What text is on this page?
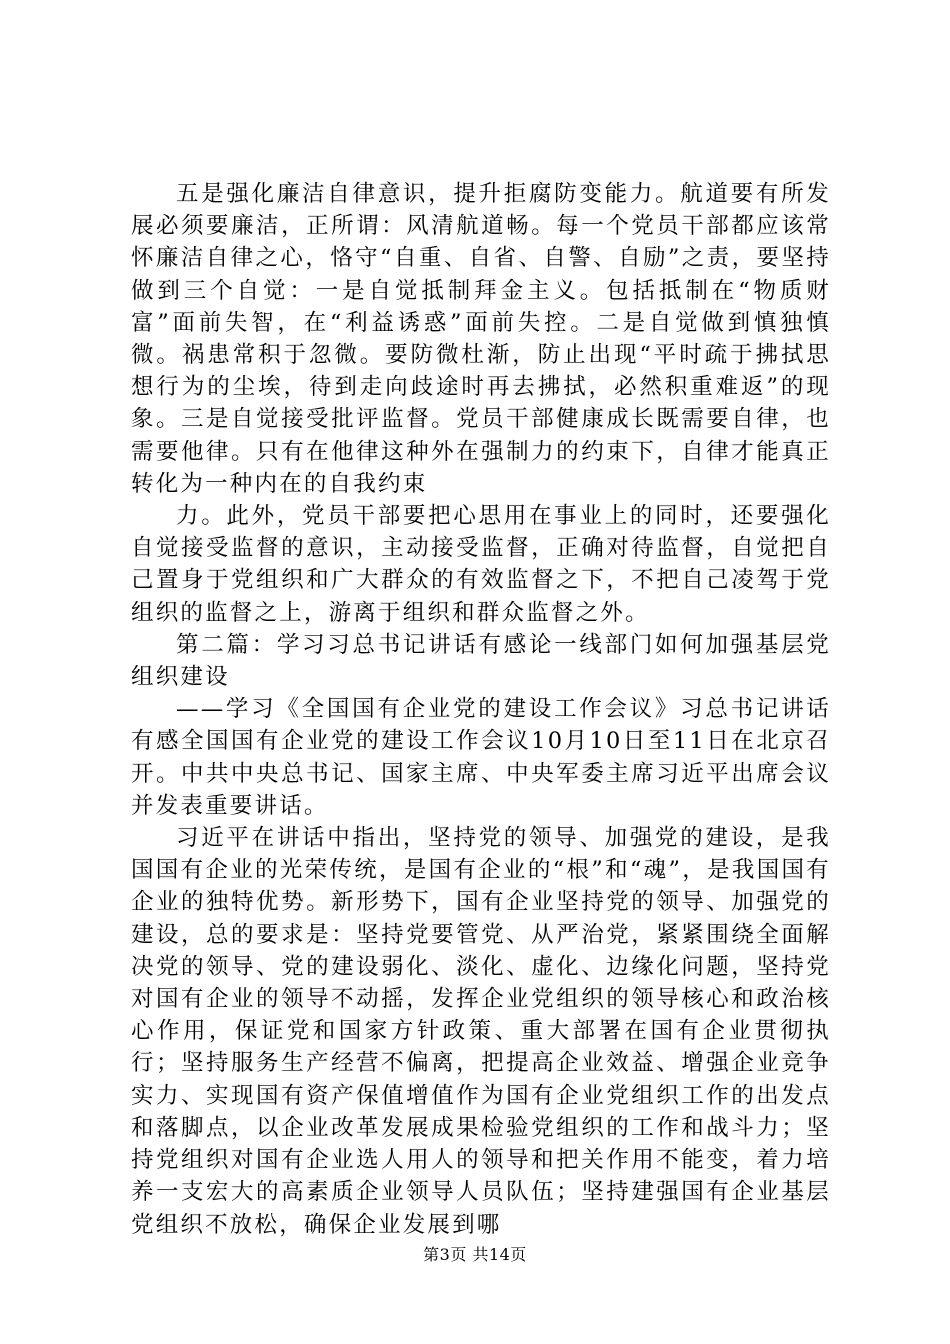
五是强化廉洁自律意识，提升拒腐防变能力。航道要有所发展必须要廉洁，正所谓：风清航道畅。每一个党员干部都应该常怀廉洁自律之心，恪守“自重、自省、自警、自励”之责，要坚持做到三个自觉：一是自觉抵制拜金主义。包括抵制在“物质财富”面前失智，在“利益诱惑”面前失控。二是自觉做到慎独慎微。祸患常积于忽微。要防微杜渐，防止出现“平时疏于拂拭思想行为的尘埃，待到走向歧途时再去拂拭，必然积重难返”的现象。三是自觉接受批评监督。党员干部健康成长既需要自律，也需要他律。只有在他律这种外在强制力的约束下，自律才能真正转化为一种内在的自我约束

力。此外，党员干部要把心思用在事业上的同时，还要强化自觉接受监督的意识，主动接受监督，正确对待监督，自觉把自己置身于党组织和广大群众的有效监督之下，不把自己凌驾于党组织的监督之上，游离于组织和群众监督之外。

第二篇：学习习总书记讲话有感论一线部门如何加强基层党组织建设

——学习《全国国有企业党的建设工作会议》习总书记讲话有感全国国有企业党的建设工作会议10月10日至11日在北京召开。中共中央总书记、国家主席、中央军委主席习近平出席会议并发表重要讲话。

习近平在讲话中指出，坚持党的领导、加强党的建设，是我国国有企业的光荣传统，是国有企业的“根”和“魂”，是我国国有企业的独特优势。新形势下，国有企业坚持党的领导、加强党的建设，总的要求是：坚持党要管党、从严治党，紧紧围绕全面解决党的领导、党的建设弱化、淡化、虚化、边缘化问题，坚持党对国有企业的领导不动摇，发挥企业党组织的领导核心和政治核心作用，保证党和国家方针政策、重大部署在国有企业贯彻执行；坚持服务生产经营不偏离，把提高企业效益、增强企业竞争实力、实现国有资产保值增值作为国有企业党组织工作的出发点和落脚点，以企业改革发展成果检验党组织的工作和战斗力；坚持党组织对国有企业选人用人的领导和把关作用不能变，着力培养一支宏大的高素质企业领导人员队伍；坚持建强国有企业基层党组织不放松，确保企业发展到哪

第3页 共14页
